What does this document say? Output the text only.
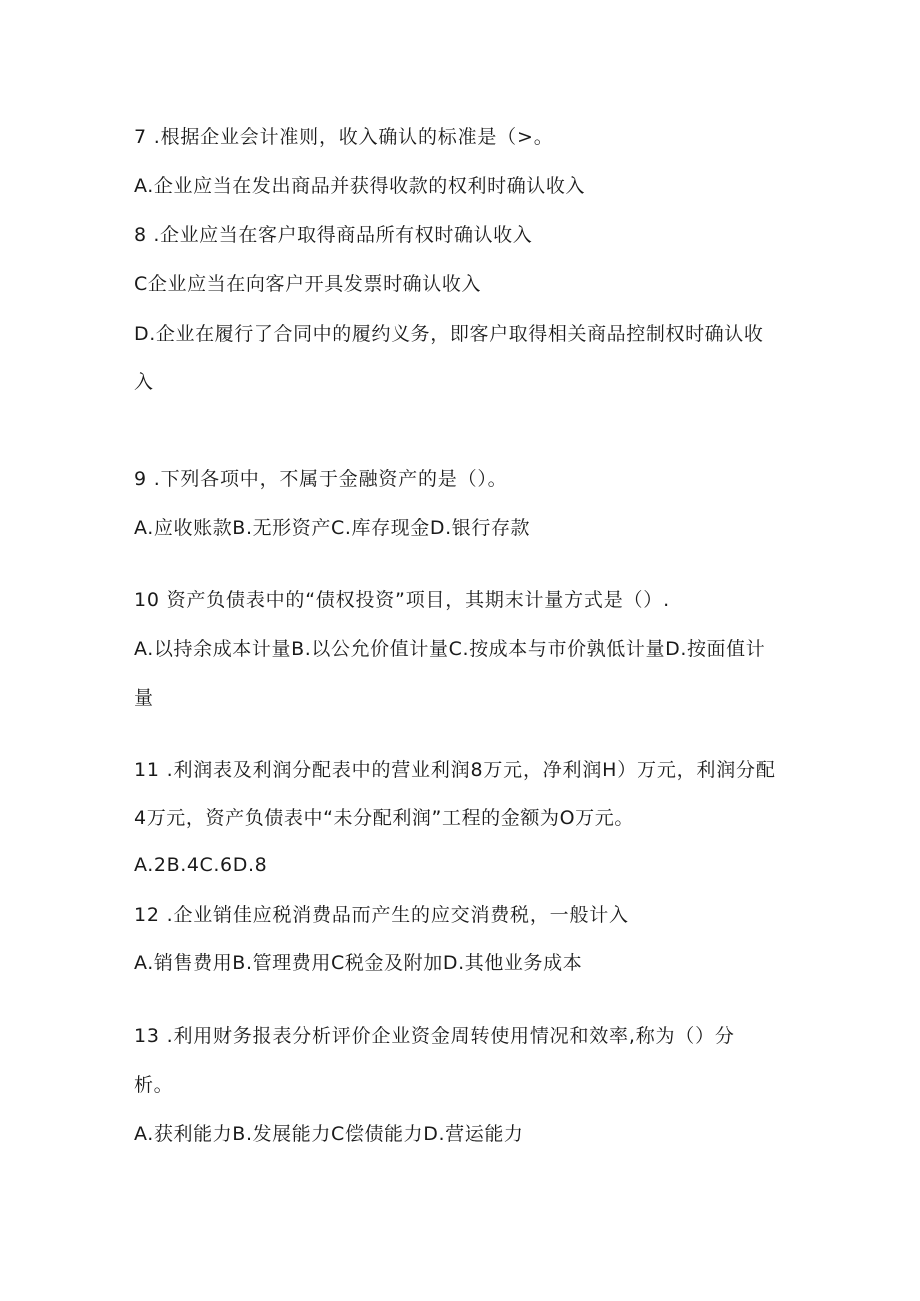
7 .根据企业会计准则，收入确认的标准是（>。

A.企业应当在发出商品并获得收款的权利时确认收入

8 .企业应当在客户取得商品所有权时确认收入

C企业应当在向客户开具发票时确认收入

D.企业在履行了合同中的履约义务，即客户取得相关商品控制权时确认收

入

9 .下列各项中，不属于金融资产的是（）。

A.应收账款B.无形资产C.库存现金D.银行存款

10 资产负债表中的“债权投资”项目，其期末计量方式是（）.

A.以持余成本计量B.以公允价值计量C.按成本与市价孰低计量D.按面值计

量

11 .利润表及利润分配表中的营业利润8万元，净利润H）万元，利润分配

4万元，资产负债表中“未分配利润”工程的金额为O万元。

A.2B.4C.6D.8

12 .企业销佳应税消费品而产生的应交消费税，一般计入

A.销售费用B.管理费用C税金及附加D.其他业务成本

13 .利用财务报表分析评价企业资金周转使用情况和效率,称为（）分

析。

A.获利能力B.发展能力C偿债能力D.营运能力
